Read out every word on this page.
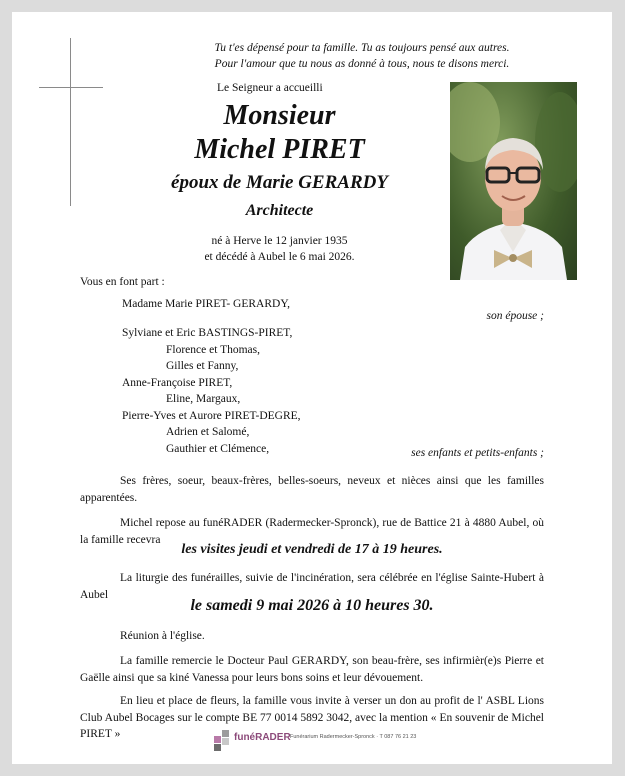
Tu t'es dépensé pour ta famille. Tu as toujours pensé aux autres.
Pour l'amour que tu nous as donné à tous, nous te disons merci.
Le Seigneur a accueilli
Monsieur
Michel PIRET
époux de Marie GERARDY
Architecte
né à Herve le 12 janvier 1935
et décédé à Aubel le 6 mai 2026.
Vous en font part :
Madame Marie PIRET- GERARDY,
son épouse ;
Sylviane et Eric BASTINGS-PIRET,
Florence et Thomas,
Gilles et Fanny,
Anne-Françoise PIRET,
Eline, Margaux,
Pierre-Yves et Aurore PIRET-DEGRE,
Adrien et Salomé,
Gauthier et Clémence,	ses enfants et petits-enfants ;
Ses frères, soeur, beaux-frères, belles-soeurs, neveux et nièces ainsi que les familles apparentées.
Michel repose au funéRADER (Radermecker-Spronck), rue de Battice 21 à 4880 Aubel, où la famille recevra
les visites jeudi et vendredi de 17 à 19 heures.
La liturgie des funérailles, suivie de l'incinération, sera célébrée en l'église Sainte-Hubert à Aubel
le samedi 9 mai 2026 à 10 heures 30.
Réunion à l'église.
La famille remercie le Docteur Paul GERARDY, son beau-frère, ses infirmièr(e)s Pierre et Gaëlle ainsi que sa kiné Vanessa pour leurs bons soins et leur dévouement.
En lieu et place de fleurs, la famille vous invite à verser un don au profit de l' ASBL Lions Club Aubel Bocages sur le compte BE 77 0014 5892 3042, avec la mention « En souvenir de Michel PIRET »	funéRADER Funérarium Radermecker-Spronck · T 087 76 21 23
